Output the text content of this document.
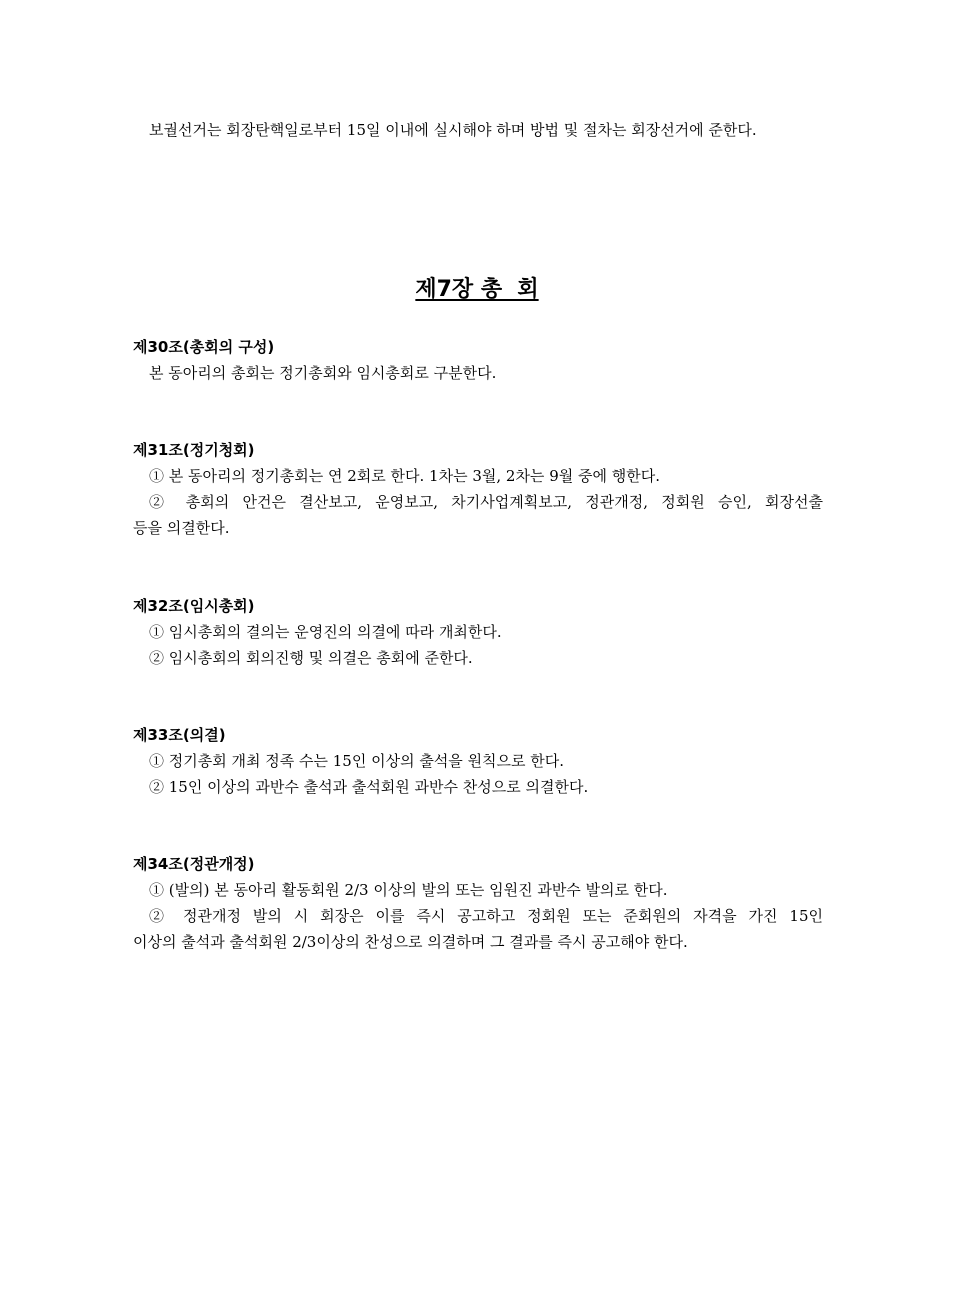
보궐선거는 회장탄핵일로부터 15일 이내에 실시해야 하며 방법 및 절차는 회장선거에 준한다.
제7장 총  회
제30조(총회의 구성)
본 동아리의 총회는 정기총회와 임시총회로 구분한다.
제31조(정기청회)
① 본 동아리의 정기총회는 연 2회로 한다. 1차는 3월, 2차는 9월 중에 행한다.
② 총회의 안건은 결산보고, 운영보고, 차기사업계획보고, 정관개정, 정회원 승인, 회장선출
등을 의결한다.
제32조(임시총회)
① 임시총회의 결의는 운영진의 의결에 따라 개최한다.
② 임시총회의 회의진행 및 의결은 총회에 준한다.
제33조(의결)
① 정기총회 개최 정족 수는 15인 이상의 출석을 원칙으로 한다.
② 15인 이상의 과반수 출석과 출석회원 과반수 찬성으로 의결한다.
제34조(정관개정)
① (발의) 본 동아리 활동회원 2/3 이상의 발의 또는 임원진 과반수 발의로 한다.
② 정관개정 발의 시 회장은 이를 즉시 공고하고 정회원 또는 준회원의 자격을 가진 15인
이상의 출석과 출석회원 2/3이상의 찬성으로 의결하며 그 결과를 즉시 공고해야 한다.
